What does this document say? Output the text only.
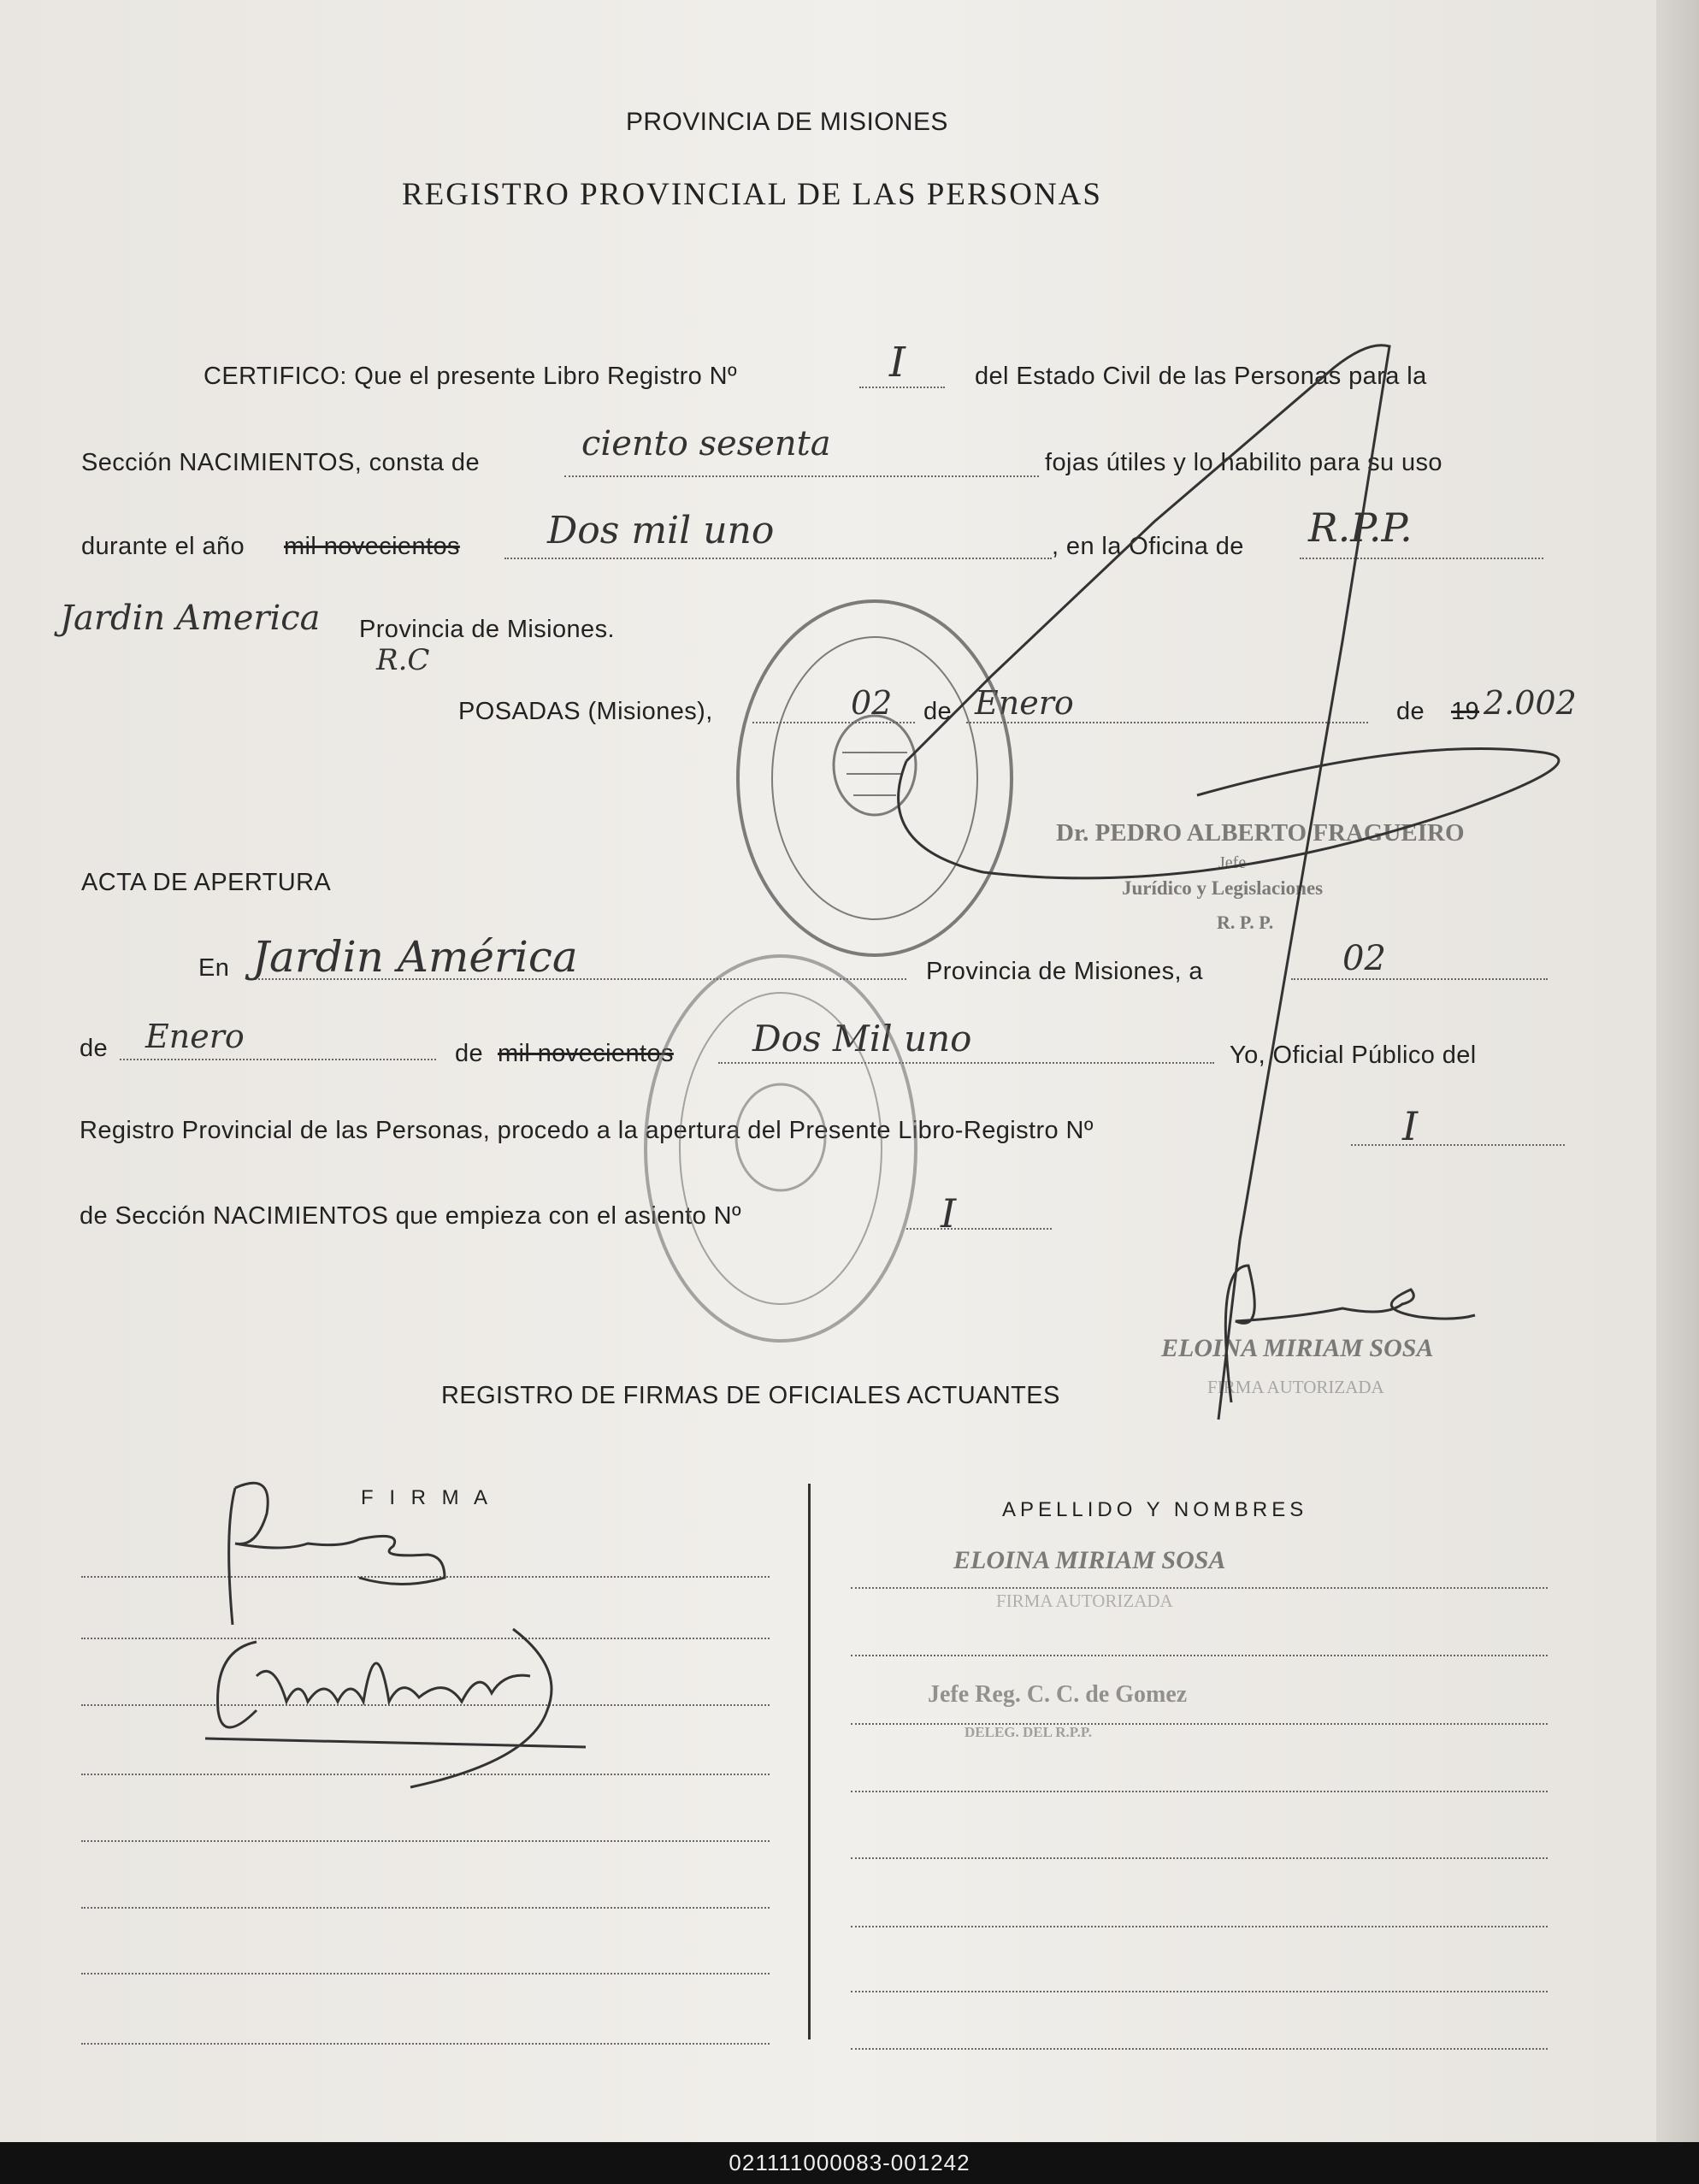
PROVINCIA DE MISIONES
REGISTRO PROVINCIAL DE LAS PERSONAS
CERTIFICO: Que el presente Libro Registro Nº	I	del Estado Civil de las Personas para la
Sección NACIMIENTOS, consta de	ciento sesenta	fojas útiles y lo habilito para su uso
durante el año mil novecientos Dos mil uno	, en la Oficina de R.P.P.
Jardin America Provincia de Misiones.
R.C
POSADAS (Misiones),	02 de Enero	de 19 2.002
ACTA DE APERTURA
En Jardin América	Provincia de Misiones, a	02
de Enero	de mil novecientos Dos Mil uno	Yo, Oficial Público del
Registro Provincial de las Personas, procedo a la apertura del Presente Libro-Registro Nº	I
de Sección NACIMIENTOS que empieza con el asiento Nº	I
Dr. PEDRO ALBERTO FRAGUEIRO
Jefe
Jurídico y Legislaciones
R. P. P.
ELOINA MIRIAM SOSA
FIRMA AUTORIZADA
REGISTRO DE FIRMAS DE OFICIALES ACTUANTES
F I R M A
APELLIDO Y NOMBRES
ELOINA MIRIAM SOSA
FIRMA AUTORIZADA
Jefe Reg. C. C. de Gomez
DELEG. DEL R.P.P.
021111000083-001242
